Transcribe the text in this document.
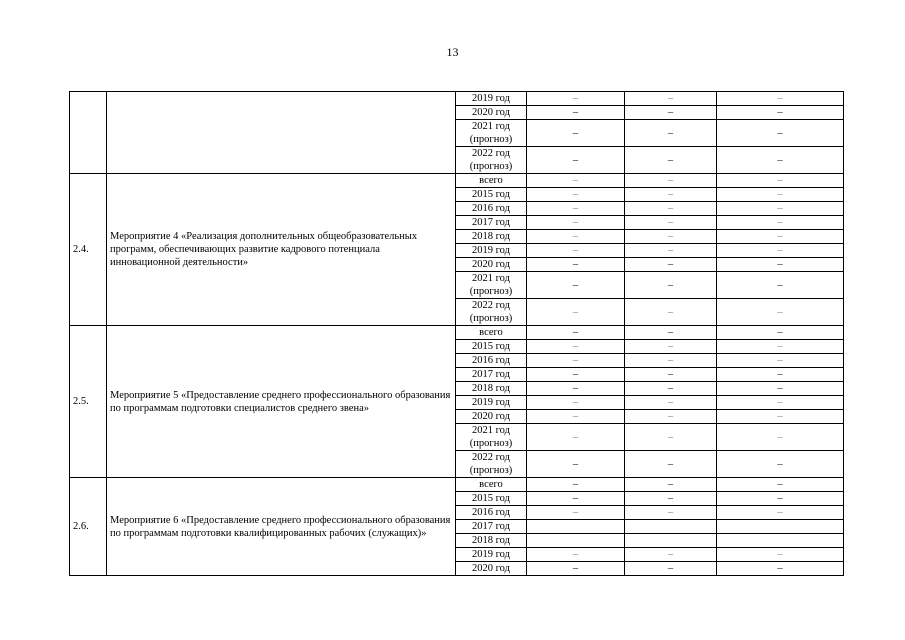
13
		2019 год	–	–	–
		2020 год	–	–	–
		2021 год (прогноз)	–	–	–
		2022 год (прогноз)	–	–	–
2.4.	Мероприятие 4 «Реализация дополнительных общеобразовательных программ, обеспечивающих развитие кадрового потенциала инновационной деятельности»	всего	–	–	–
		2015 год	–	–	–
		2016 год	–	–	–
		2017 год	–	–	–
		2018 год	–	–	–
		2019 год	–	–	–
		2020 год	–	–	–
		2021 год (прогноз)	–	–	–
		2022 год (прогноз)	–	–	–
2.5.	Мероприятие 5 «Предоставление среднего профессионального образования по программам подготовки специалистов среднего звена»	всего	–	–	–
		2015 год	–	–	–
		2016 год	–	–	–
		2017 год	–	–	–
		2018 год	–	–	–
		2019 год	–	–	–
		2020 год	–	–	–
		2021 год (прогноз)	–	–	–
		2022 год (прогноз)	–	–	–
2.6.	Мероприятие 6 «Предоставление среднего профессионального образования по программам подготовки квалифицированных рабочих (служащих)»	всего	–	–	–
		2015 год	–	–	–
		2016 год	–	–	–
		2017 год			
		2018 год			
		2019 год	–	–	–
		2020 год	–	–	–
